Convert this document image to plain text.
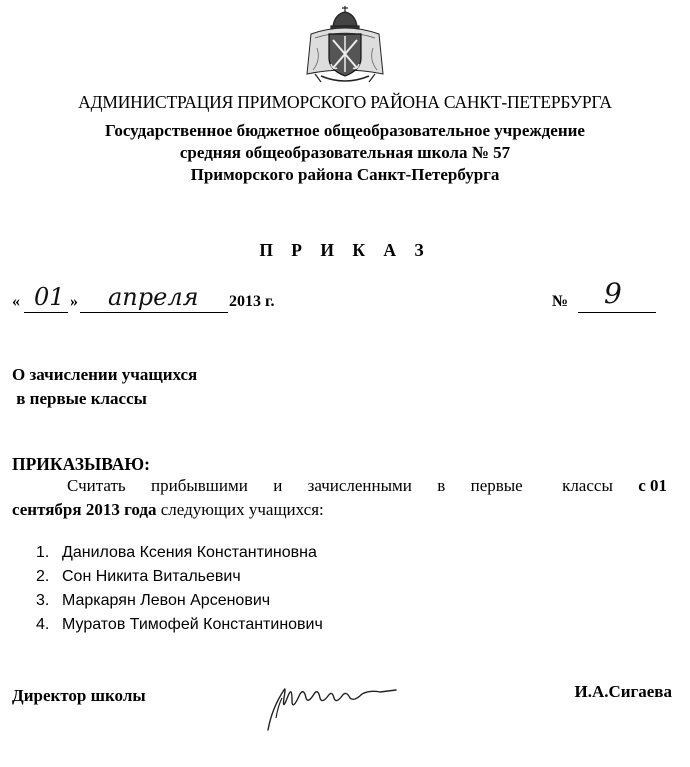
АДМИНИСТРАЦИЯ ПРИМОРСКОГО РАЙОНА САНКТ-ПЕТЕРБУРГА
Государственное бюджетное общеобразовательное учреждение
средняя общеобразовательная школа № 57
Приморского района Санкт-Петербурга
П Р И К А З
« 01 » апреля 2013 г.	№ 9
О зачислении учащихся
в первые классы
ПРИКАЗЫВАЮ:
Считать прибывшими и зачисленными в первые классы с 01
сентября 2013 года следующих учащихся:
1. Данилова Ксения Константиновна
2. Сон Никита Витальевич
3. Маркарян Левон Арсенович
4. Муратов Тимофей Константинович
Директор школы	И.А.Сигаева
